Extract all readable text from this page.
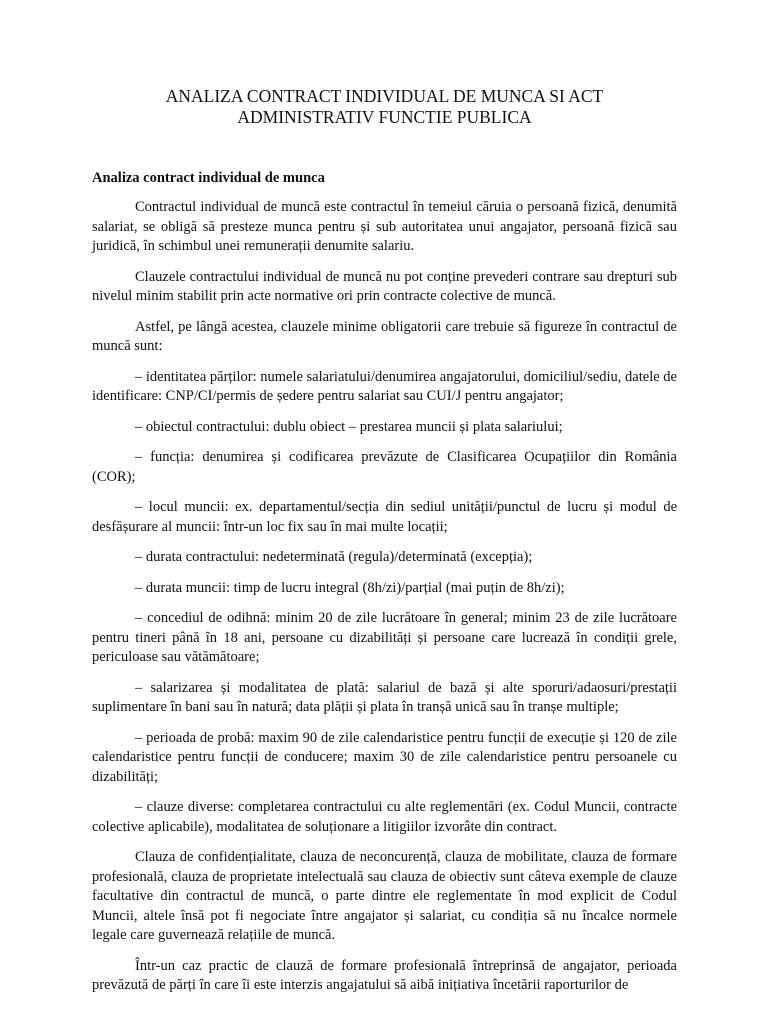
ANALIZA CONTRACT INDIVIDUAL DE MUNCA SI ACT
ADMINISTRATIV FUNCTIE PUBLICA
Analiza contract individual de munca

Contractul individual de muncă este contractul în temeiul căruia o persoană fizică, denumită salariat, se obligă să presteze munca pentru și sub autoritatea unui angajator, persoană fizică sau juridică, în schimbul unei remunerații denumite salariu.

Clauzele contractului individual de muncă nu pot conține prevederi contrare sau drepturi sub nivelul minim stabilit prin acte normative ori prin contracte colective de muncă.

Astfel, pe lângă acestea, clauzele minime obligatorii care trebuie să figureze în contractul de muncă sunt:

– identitatea părților: numele salariatului/denumirea angajatorului, domiciliul/sediu, datele de identificare: CNP/CI/permis de ședere pentru salariat sau CUI/J pentru angajator;

– obiectul contractului: dublu obiect – prestarea muncii și plata salariului;

– funcția: denumirea și codificarea prevăzute de Clasificarea Ocupațiilor din România (COR);

– locul muncii: ex. departamentul/secția din sediul unității/punctul de lucru și modul de desfășurare al muncii: într-un loc fix sau în mai multe locații;

– durata contractului: nedeterminată (regula)/determinată (excepția);

– durata muncii: timp de lucru integral (8h/zi)/parțial (mai puțin de 8h/zi);

– concediul de odihnă: minim 20 de zile lucrătoare în general; minim 23 de zile lucrătoare pentru tineri până în 18 ani, persoane cu dizabilități și persoane care lucrează în condiții grele, periculoase sau vătămătoare;

– salarizarea și modalitatea de plată: salariul de bază și alte sporuri/adaosuri/prestații suplimentare în bani sau în natură; data plății și plata în tranșă unică sau în tranșe multiple;

– perioada de probă: maxim 90 de zile calendaristice pentru funcții de execuție și 120 de zile calendaristice pentru funcții de conducere; maxim 30 de zile calendaristice pentru persoanele cu dizabilități;

– clauze diverse: completarea contractului cu alte reglementări (ex. Codul Muncii, contracte colective aplicabile), modalitatea de soluționare a litigiilor izvorâte din contract.

Clauza de confidențialitate, clauza de neconcurență, clauza de mobilitate, clauza de formare profesională, clauza de proprietate intelectuală sau clauza de obiectiv sunt câteva exemple de clauze facultative din contractul de muncă, o parte dintre ele reglementate în mod explicit de Codul Muncii, altele însă pot fi negociate între angajator și salariat, cu condiția să nu încalce normele legale care guvernează relațiile de muncă.

Într-un caz practic de clauză de formare profesională întreprinsă de angajator, perioada prevăzută de părți în care îi este interzis angajatului să aibă inițiativa încetării raporturilor de
